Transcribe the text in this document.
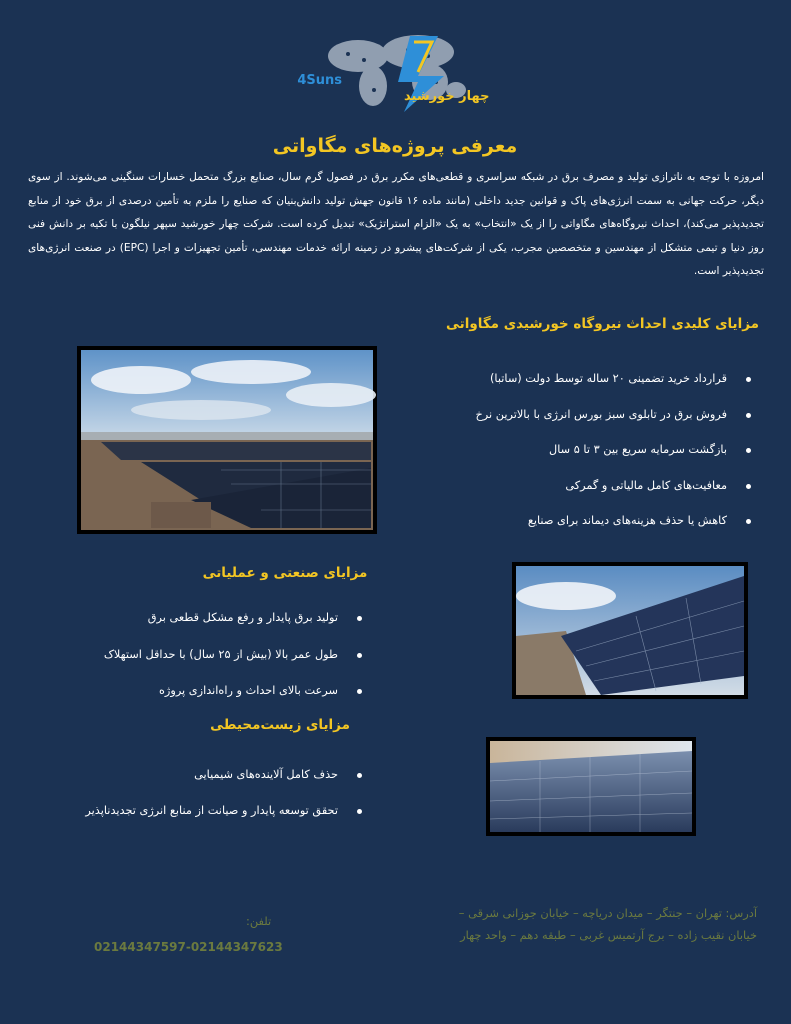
4Suns
چهار خورشید
معرفی پروژه‌های مگاواتی
امروزه با توجه به ناترازی تولید و مصرف برق در شبکه سراسری و قطعی‌های مکرر برق در فصول گرم سال، صنایع بزرگ متحمل خسارات سنگینی می‌شوند. از سوی دیگر، حرکت جهانی به سمت انرژی‌های پاک و قوانین جدید داخلی (مانند ماده ۱۶ قانون جهش تولید دانش‌بنیان که صنایع را ملزم به تأمین درصدی از برق خود از منابع تجدیدپذیر می‌کند)، احداث نیروگاه‌های مگاواتی را از یک «انتخاب» به یک «الزام استراتژیک» تبدیل کرده است. شرکت چهار خورشید سپهر نیلگون با تکیه بر دانش فنی روز دنیا و تیمی متشکل از مهندسین و متخصصین مجرب، یکی از شرکت‌های پیشرو در زمینه ارائه خدمات مهندسی، تأمین تجهیزات و اجرا (EPC) در صنعت انرژی‌های تجدیدپذیر است.
مزایای کلیدی احداث نیروگاه خورشیدی مگاواتی
قرارداد خرید تضمینی ۲۰ ساله توسط دولت (ساتبا)
فروش برق در تابلوی سبز بورس انرژی با بالاترین نرخ
بازگشت سرمایه سریع بین ۳ تا ۵ سال
معافیت‌های کامل مالیاتی و گمرکی
کاهش یا حذف هزینه‌های دیماند برای صنایع
مزایای صنعتی و عملیاتی
تولید برق پایدار و رفع مشکل قطعی برق
طول عمر بالا (بیش از ۲۵ سال) با حداقل استهلاک
سرعت بالای احداث و راه‌اندازی پروژه
مزایای زیست‌محیطی
حذف کامل آلاینده‌های شیمیایی
تحقق توسعه پایدار و صیانت از منابع انرژی تجدیدناپذیر
آدرس: تهران – جنتگر – میدان دریاچه – خیابان جوزانی شرقی – خیابان نقیب زاده – برج آرتمیس غربی – طبقه دهم – واحد چهار
تلفن:
02144347597-02144347623
